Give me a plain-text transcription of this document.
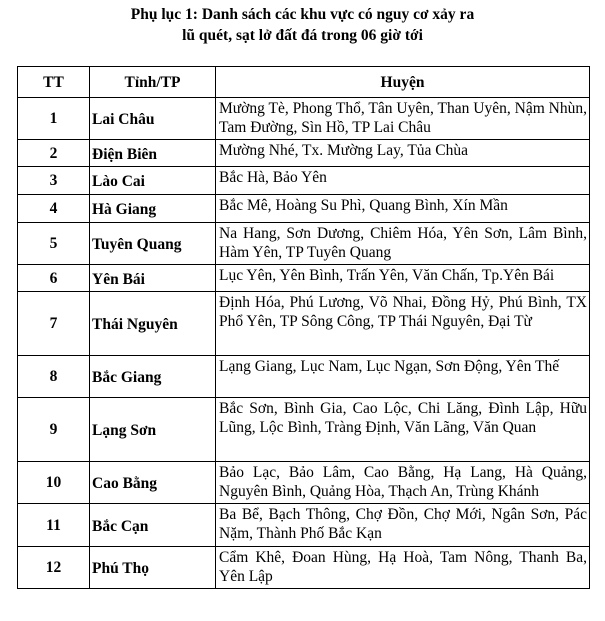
Phụ lục 1: Danh sách các khu vực có nguy cơ xảy ra
lũ quét, sạt lở đất đá trong 06 giờ tới
TT	Tỉnh/TP	Huyện
1	Lai Châu	Mường Tè, Phong Thổ, Tân Uyên, Than Uyên, Nậm Nhùn, Tam Đường, Sìn Hồ, TP Lai Châu
2	Điện Biên	Mường Nhé, Tx. Mường Lay, Tủa Chùa
3	Lào Cai	Bắc Hà, Bảo Yên
4	Hà Giang	Bắc Mê, Hoàng Su Phì, Quang Bình, Xín Mần
5	Tuyên Quang	Na Hang, Sơn Dương, Chiêm Hóa, Yên Sơn, Lâm Bình, Hàm Yên, TP Tuyên Quang
6	Yên Bái	Lục Yên, Yên Bình, Trấn Yên, Văn Chấn, Tp.Yên Bái
7	Thái Nguyên	Định Hóa, Phú Lương, Võ Nhai, Đồng Hỷ, Phú Bình, TX Phổ Yên, TP Sông Công, TP Thái Nguyên, Đại Từ
8	Bắc Giang	Lạng Giang, Lục Nam, Lục Ngạn, Sơn Động, Yên Thế
9	Lạng Sơn	Bắc Sơn, Bình Gia, Cao Lộc, Chi Lăng, Đình Lập, Hữu Lũng, Lộc Bình, Tràng Định, Văn Lãng, Văn Quan
10	Cao Bằng	Bảo Lạc, Bảo Lâm, Cao Bằng, Hạ Lang, Hà Quảng, Nguyên Bình, Quảng Hòa, Thạch An, Trùng Khánh
11	Bắc Cạn	Ba Bể, Bạch Thông, Chợ Đồn, Chợ Mới, Ngân Sơn, Pác Nặm, Thành Phố Bắc Kạn
12	Phú Thọ	Cẩm Khê, Đoan Hùng, Hạ Hoà, Tam Nông, Thanh Ba, Yên Lập
